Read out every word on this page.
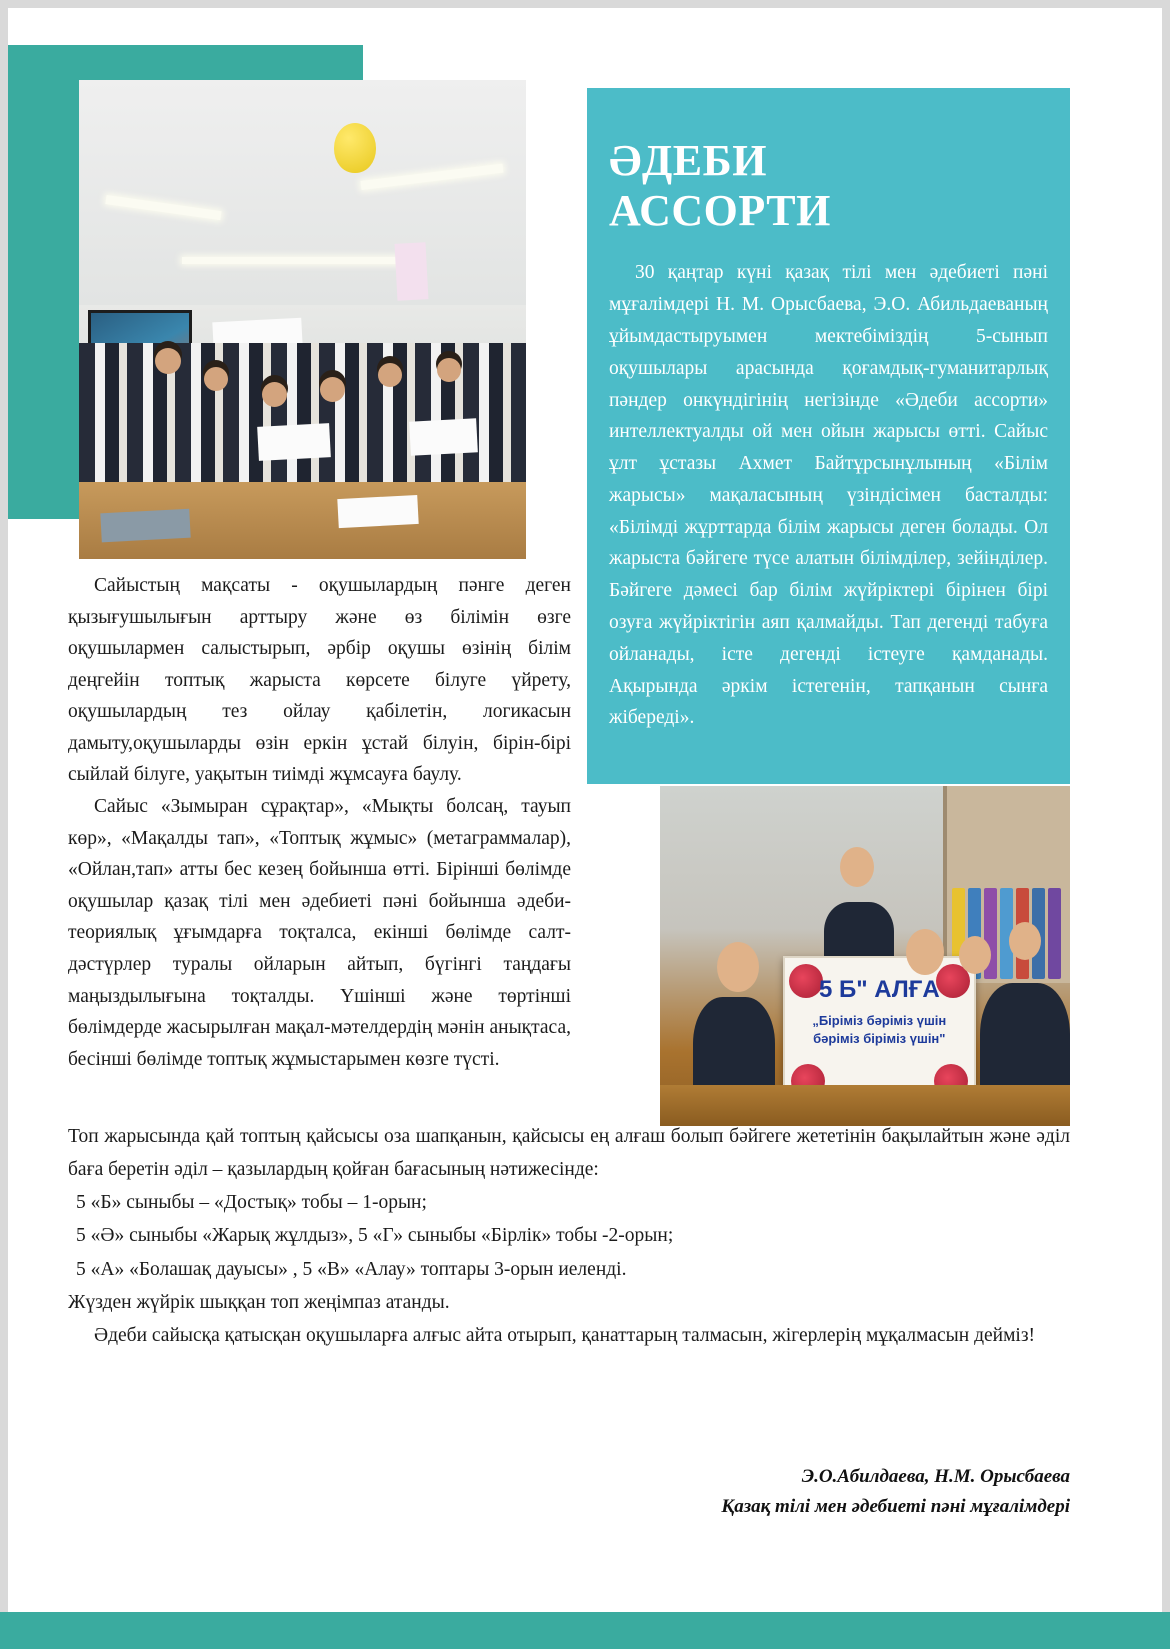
ӘДЕБИ
АССОРТИ

30 қаңтар күні қазақ тілі мен әдебиеті пәні мұғалімдері Н. М. Орысбаева, Э.О. Абильдаеваның ұйымдастыруымен мектебіміздің 5-сынып оқушылары арасында қоғамдық-гуманитарлық пәндер онкүндігінің негізінде «Әдеби ассорти» интеллектуалды ой мен ойын жарысы өтті. Сайыс ұлт ұстазы Ахмет Байтұрсынұлының «Білім жарысы» мақаласының үзіндісімен басталды: «Білімді жұрттарда білім жарысы деген болады. Ол жарыста бәйгеге түсе алатын білімділер, зейінділер. Бәйгеге дәмесі бар білім жүйріктері бірінен бірі озуға жүйріктігін аяп қалмайды. Тап дегенді табуға ойланады, істе дегенді істеуге қамданады. Ақырында әркім істегенін, тапқанын сынға жібереді».

5 Б" АЛҒА
„Біріміз бәріміз үшін
бәріміз біріміз үшін"

Сайыстың мақсаты - оқушылардың пәнге деген қызығушылығын арттыру және өз білімін өзге оқушылармен салыстырып, әрбір оқушы өзінің білім деңгейін топтық жарыста көрсете білуге үйрету, оқушылардың тез ойлау қабілетін, логикасын дамыту,оқушыларды өзін еркін ұстай білуін, бірін-бірі сыйлай білуге, уақытын тиімді жұмсауға баулу.

Сайыс «Зымыран сұрақтар», «Мықты болсаң, тауып көр», «Мақалды тап», «Топтық жұмыс» (метаграммалар), «Ойлан,тап» атты бес кезең бойынша өтті. Бірінші бөлімде оқушылар қазақ тілі мен әдебиеті пәні бойынша әдеби-теориялық ұғымдарға тоқталса, екінші бөлімде салт-дәстүрлер туралы ойларын айтып, бүгінгі таңдағы маңыздылығына тоқталды. Үшінші және төртінші бөлімдерде жасырылған мақал-мәтелдердің мәнін анықтаса, бесінші бөлімде топтық жұмыстарымен көзге түсті.

Топ жарысында қай топтың қайсысы оза шапқанын, қайсысы ең алғаш болып бәйгеге жететінін бақылайтын және әділ баға беретін әділ – қазылардың қойған бағасының нәтижесінде:

5 «Б» сыныбы – «Достық» тобы – 1-орын;

5 «Ә» сыныбы «Жарық жұлдыз», 5 «Г» сыныбы «Бірлік» тобы -2-орын;

5 «А» «Болашақ дауысы» , 5 «В» «Алау» топтары 3-орын иеленді.

Жүзден жүйрік шыққан топ жеңімпаз атанды.

Әдеби сайысқа қатысқан оқушыларға алғыс айта отырып, қанаттарың талмасын, жігерлерің мұқалмасын дейміз!

Э.О.Абилдаева, Н.М. Орысбаева
Қазақ тілі мен әдебиеті пәні мұғалімдері
